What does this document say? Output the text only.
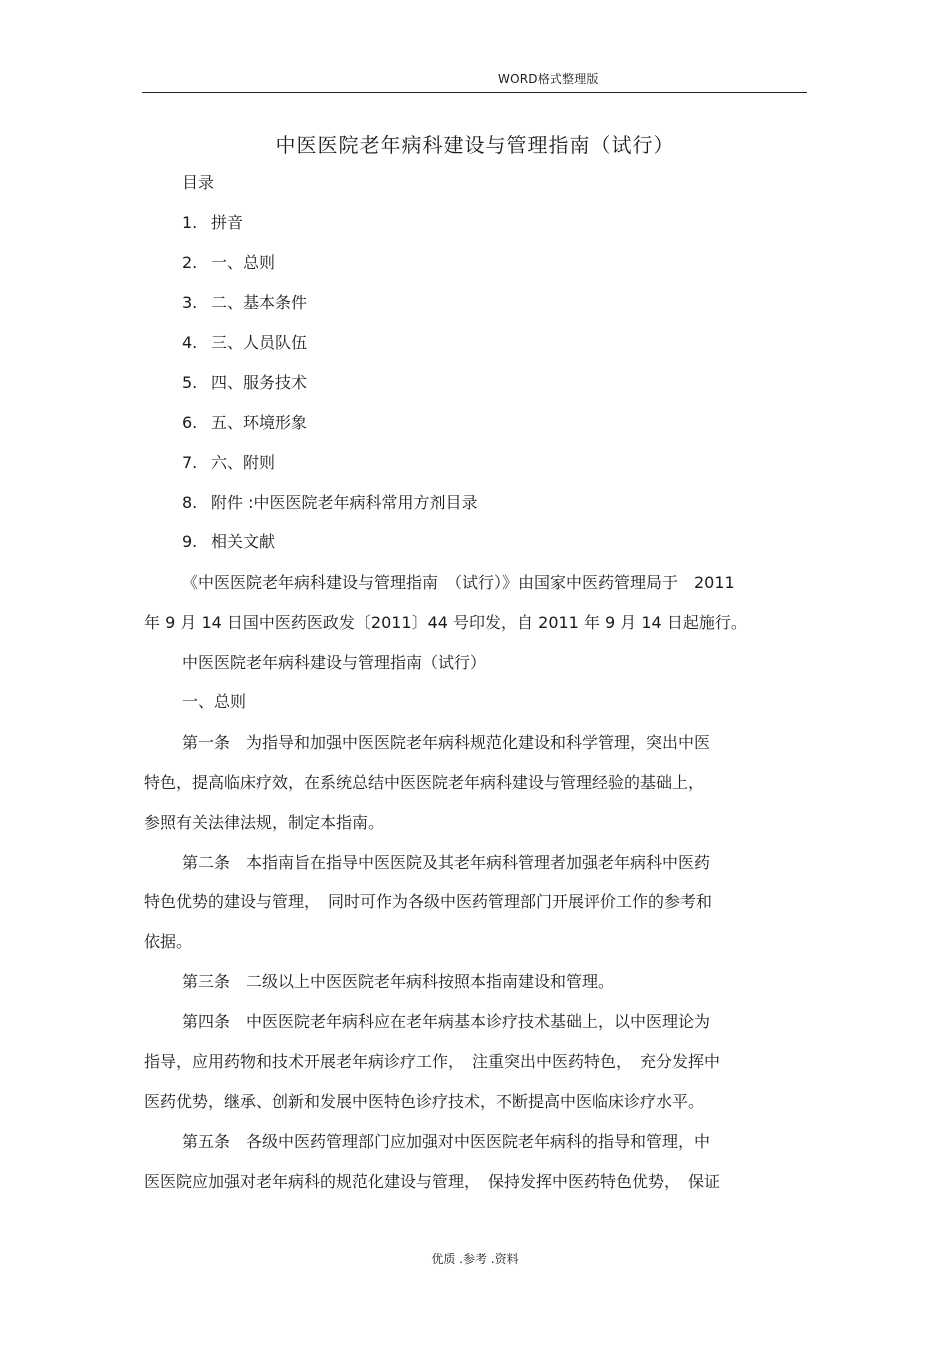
WORD格式整理版
中医医院老年病科建设与管理指南（试行）
目录
1. 拼音
2. 一、总则
3. 二、基本条件
4. 三、人员队伍
5. 四、服务技术
6. 五、环境形象
7. 六、附则
8. 附件 :中医医院老年病科常用方剂目录
9. 相关文献
《中医医院老年病科建设与管理指南　（试行）》由国家中医药管理局于　2011
年 9 月 14 日国中医药医政发〔2011〕44 号印发，自 2011 年 9 月 14 日起施行。
中医医院老年病科建设与管理指南（试行）
一、总则
第一条　为指导和加强中医医院老年病科规范化建设和科学管理，突出中医
特色，提高临床疗效，在系统总结中医医院老年病科建设与管理经验的基础上，
参照有关法律法规，制定本指南。
第二条　本指南旨在指导中医医院及其老年病科管理者加强老年病科中医药
特色优势的建设与管理，　同时可作为各级中医药管理部门开展评价工作的参考和
依据。
第三条　二级以上中医医院老年病科按照本指南建设和管理。
第四条　中医医院老年病科应在老年病基本诊疗技术基础上，以中医理论为
指导，应用药物和技术开展老年病诊疗工作，　注重突出中医药特色，　充分发挥中
医药优势，继承、创新和发展中医特色诊疗技术，不断提高中医临床诊疗水平。
第五条　各级中医药管理部门应加强对中医医院老年病科的指导和管理，中
医医院应加强对老年病科的规范化建设与管理，　保持发挥中医药特色优势，　保证
优质 .参考 .资料
